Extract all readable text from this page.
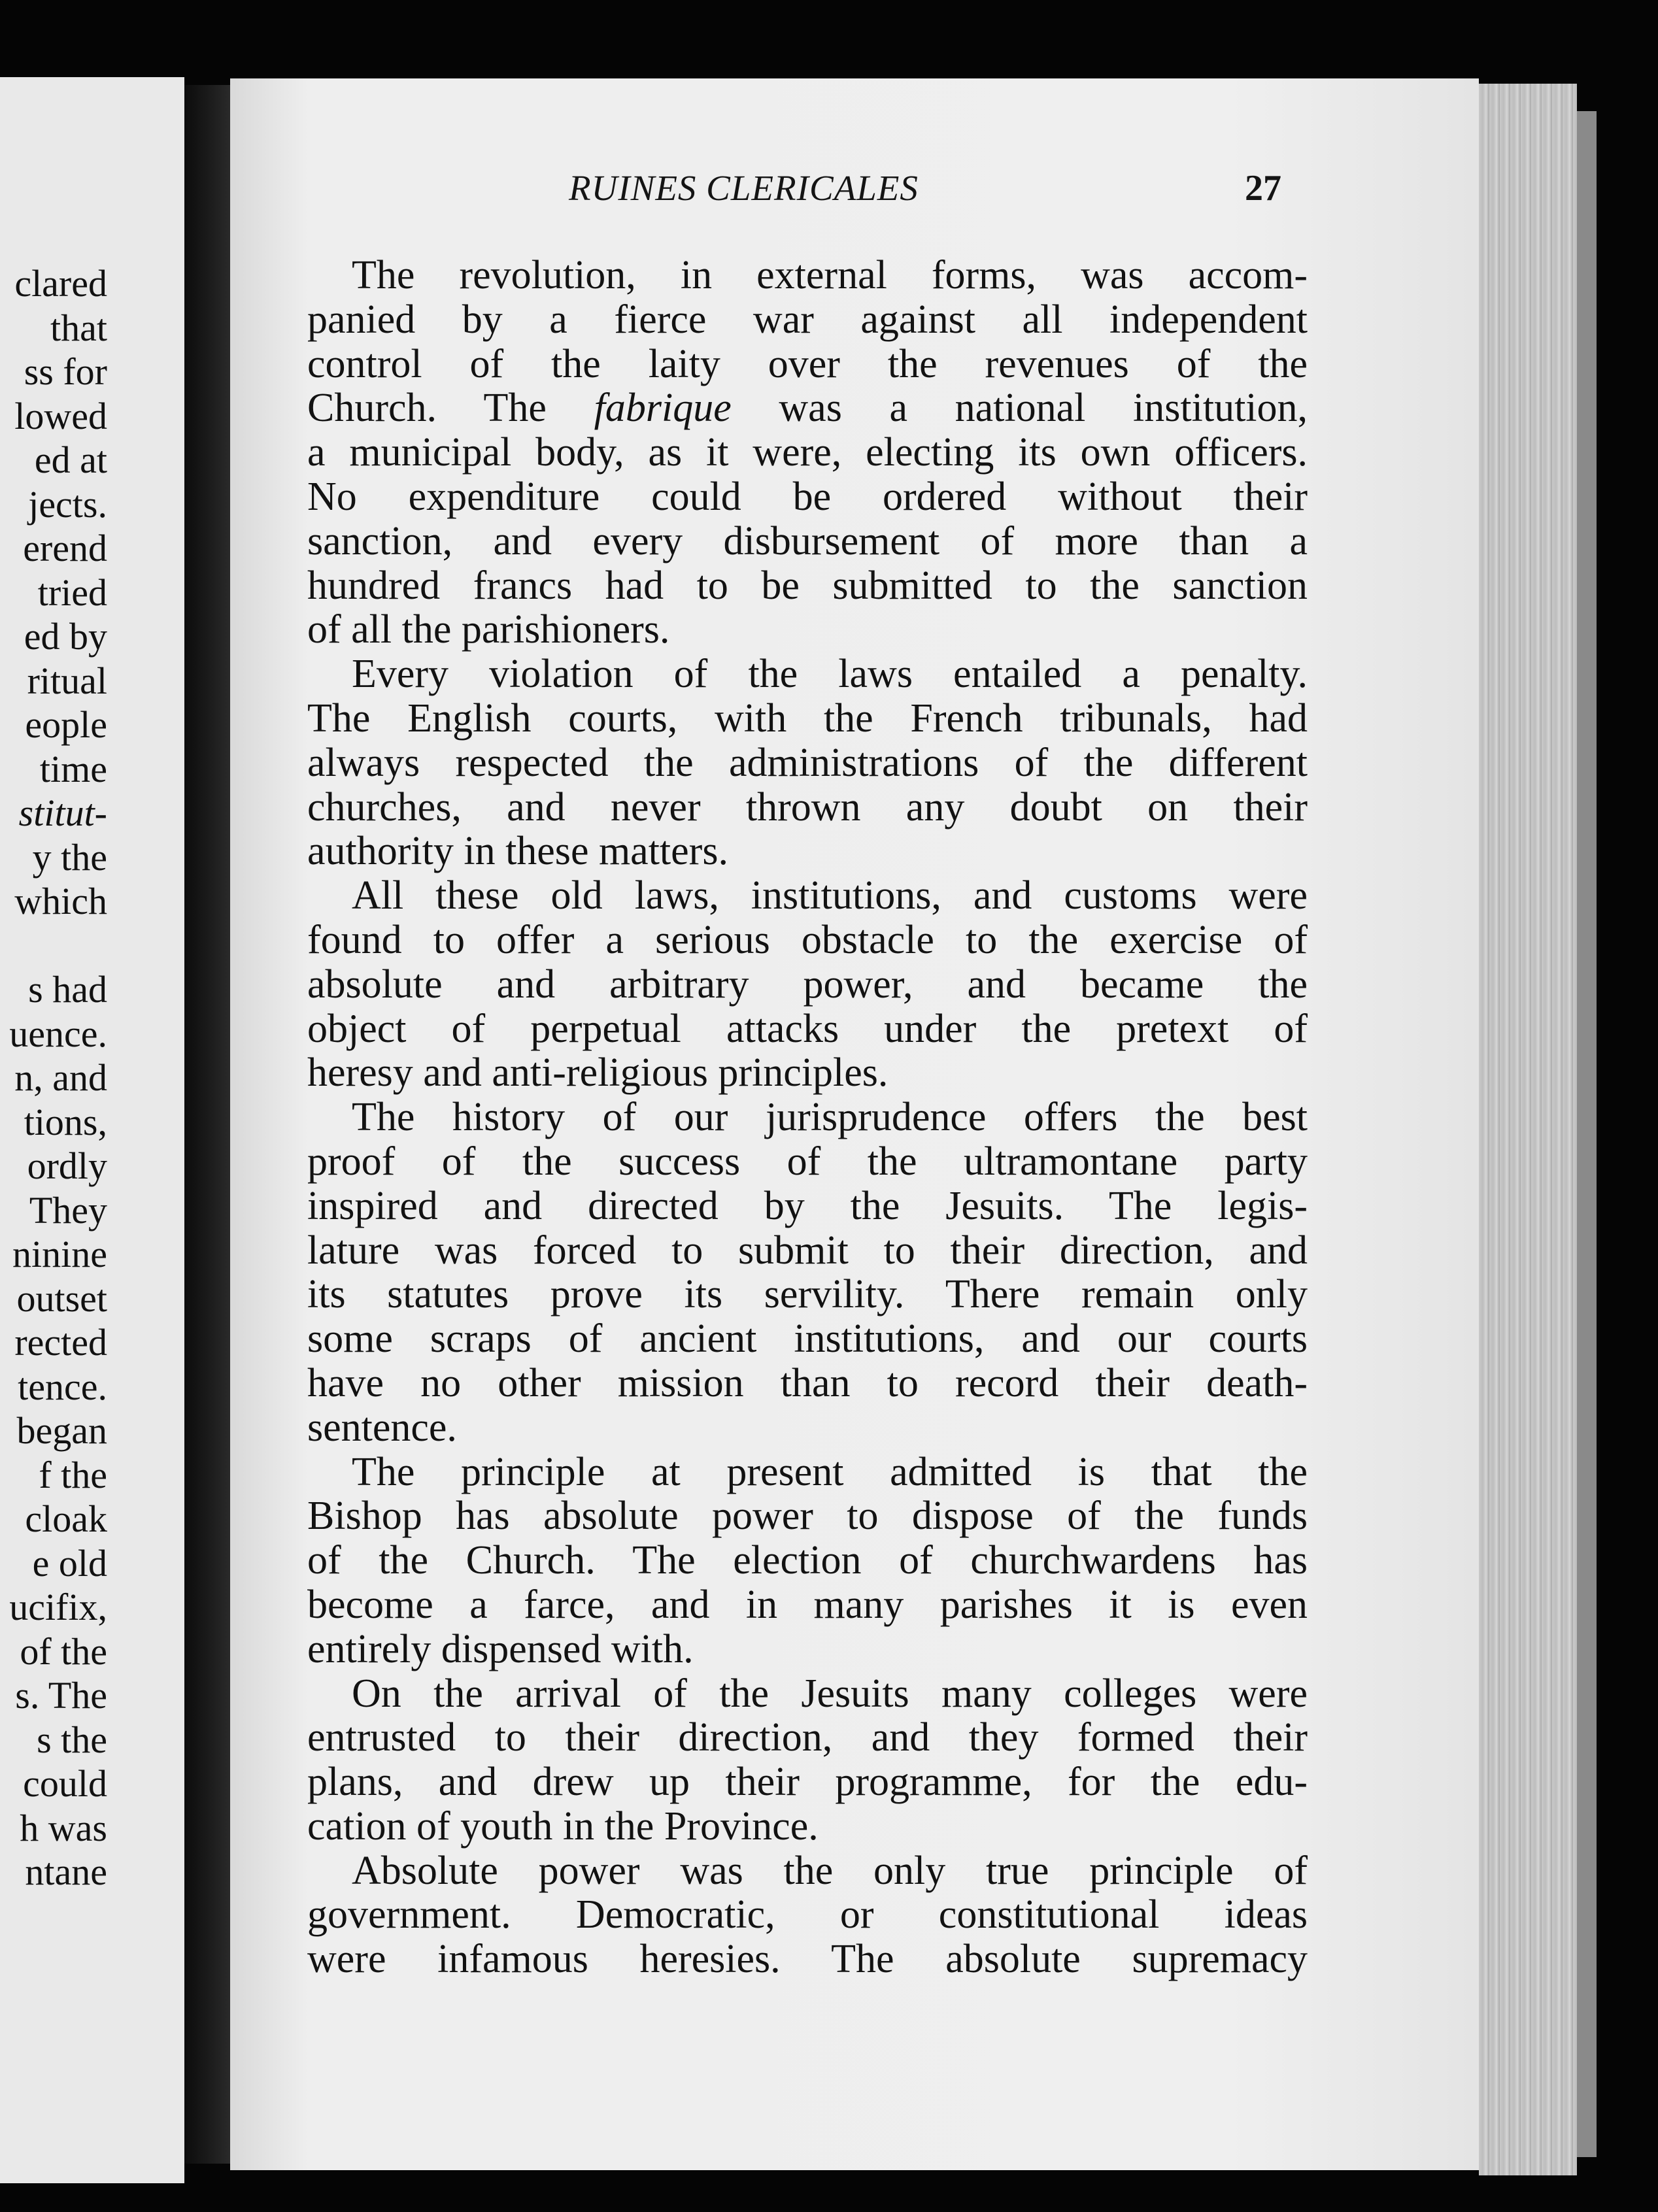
clared
that
ss for
lowed
ed at
jects.
erend
tried
ed by
ritual
eople
time
stitut-
y the
which
s had
uence.
n, and
tions,
ordly
They
ninine
outset
rected
tence.
began
f the
cloak
e old
ucifix,
of the
s. The
s the
could
h was
ntane
RUINES CLERICALES	27
The revolution, in external forms, was accom-
panied by a fierce war against all independent
control of the laity over the revenues of the
Church. The fabrique was a national institution,
a municipal body, as it were, electing its own officers.
No expenditure could be ordered without their
sanction, and every disbursement of more than a
hundred francs had to be submitted to the sanction
of all the parishioners.
Every violation of the laws entailed a penalty.
The English courts, with the French tribunals, had
always respected the administrations of the different
churches, and never thrown any doubt on their
authority in these matters.
All these old laws, institutions, and customs were
found to offer a serious obstacle to the exercise of
absolute and arbitrary power, and became the
object of perpetual attacks under the pretext of
heresy and anti-religious principles.
The history of our jurisprudence offers the best
proof of the success of the ultramontane party
inspired and directed by the Jesuits. The legis-
lature was forced to submit to their direction, and
its statutes prove its servility. There remain only
some scraps of ancient institutions, and our courts
have no other mission than to record their death-
sentence.
The principle at present admitted is that the
Bishop has absolute power to dispose of the funds
of the Church. The election of churchwardens has
become a farce, and in many parishes it is even
entirely dispensed with.
On the arrival of the Jesuits many colleges were
entrusted to their direction, and they formed their
plans, and drew up their programme, for the edu-
cation of youth in the Province.
Absolute power was the only true principle of
government. Democratic, or constitutional ideas
were infamous heresies. The absolute supremacy
